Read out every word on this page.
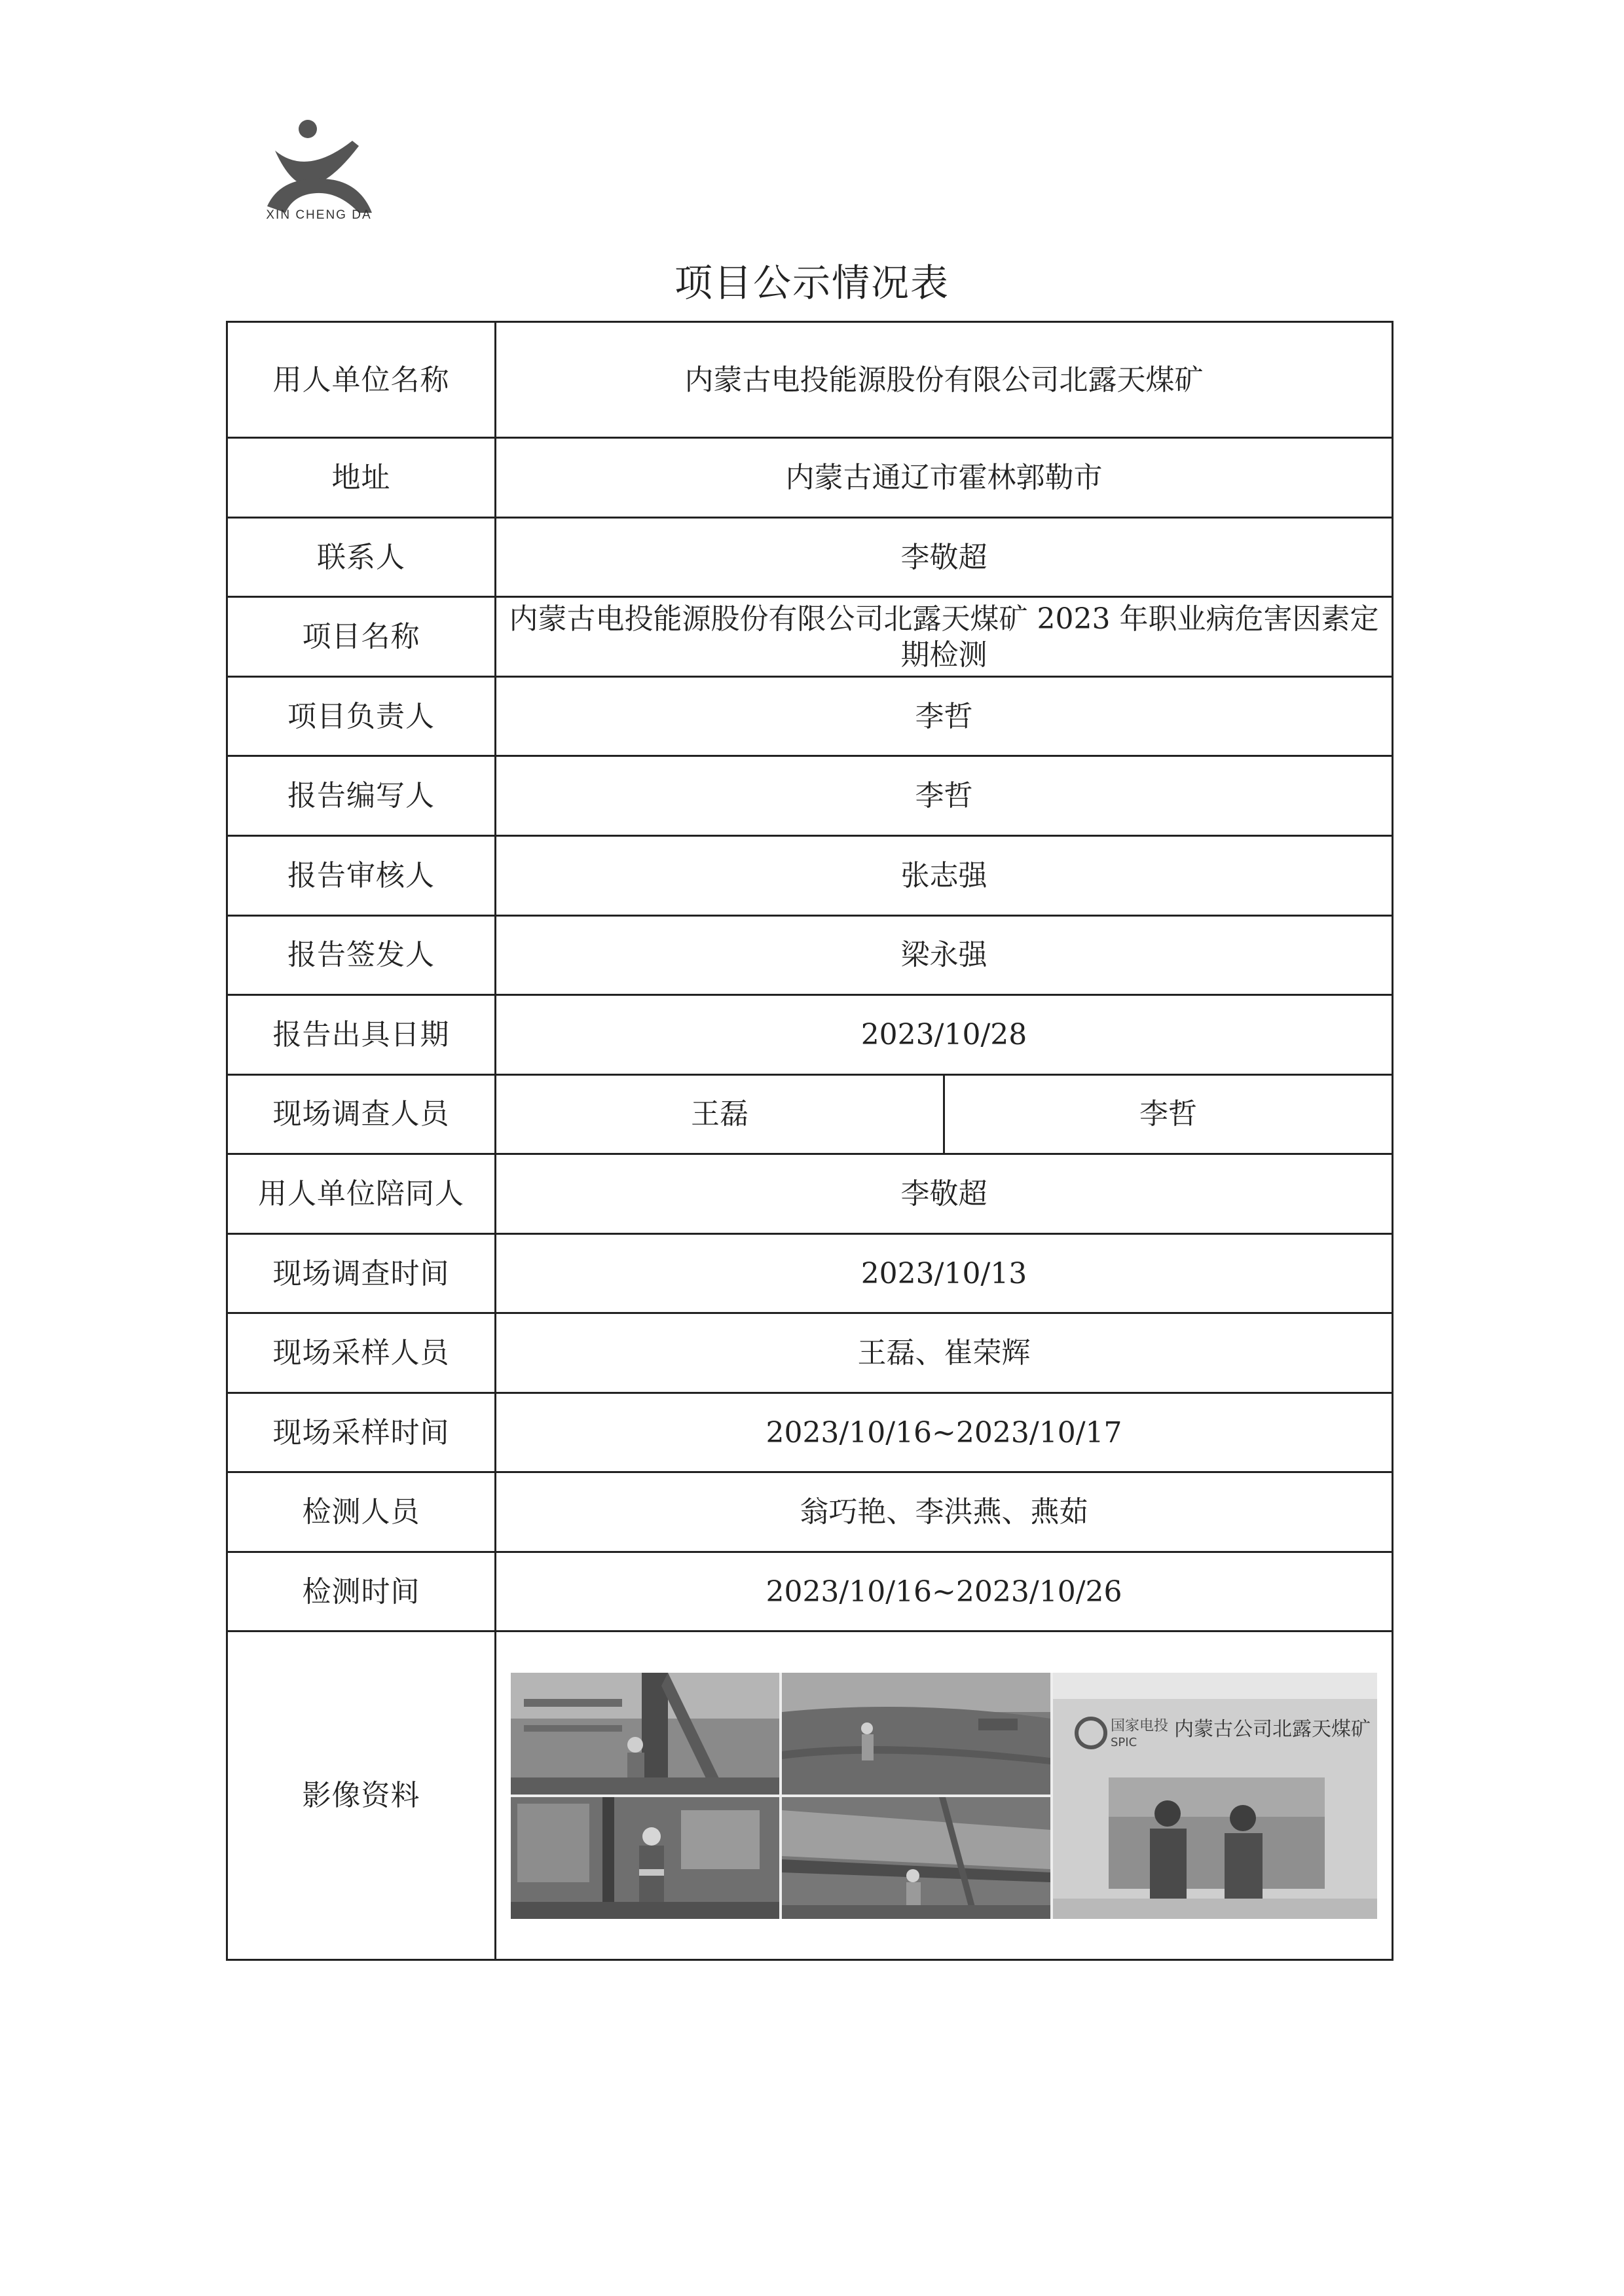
XIN CHENG DA
项目公示情况表
用人单位名称	内蒙古电投能源股份有限公司北露天煤矿	
地址	内蒙古通辽市霍林郭勒市	
联系人	李敬超	
项目名称	内蒙古电投能源股份有限公司北露天煤矿 2023 年职业病危害因素定期检测	
项目负责人	李哲	
报告编写人	李哲	
报告审核人	张志强	
报告签发人	梁永强	
报告出具日期	2023/10/28	
现场调查人员	王磊	李哲
用人单位陪同人	李敬超	
现场调查时间	2023/10/13	
现场采样人员	王磊、崔荣辉	
现场采样时间	2023/10/16~2023/10/17	
检测人员	翁巧艳、李洪燕、燕茹	
检测时间	2023/10/16~2023/10/26	
影像资料	国家电投
SPIC
内蒙古公司北露天煤矿	
